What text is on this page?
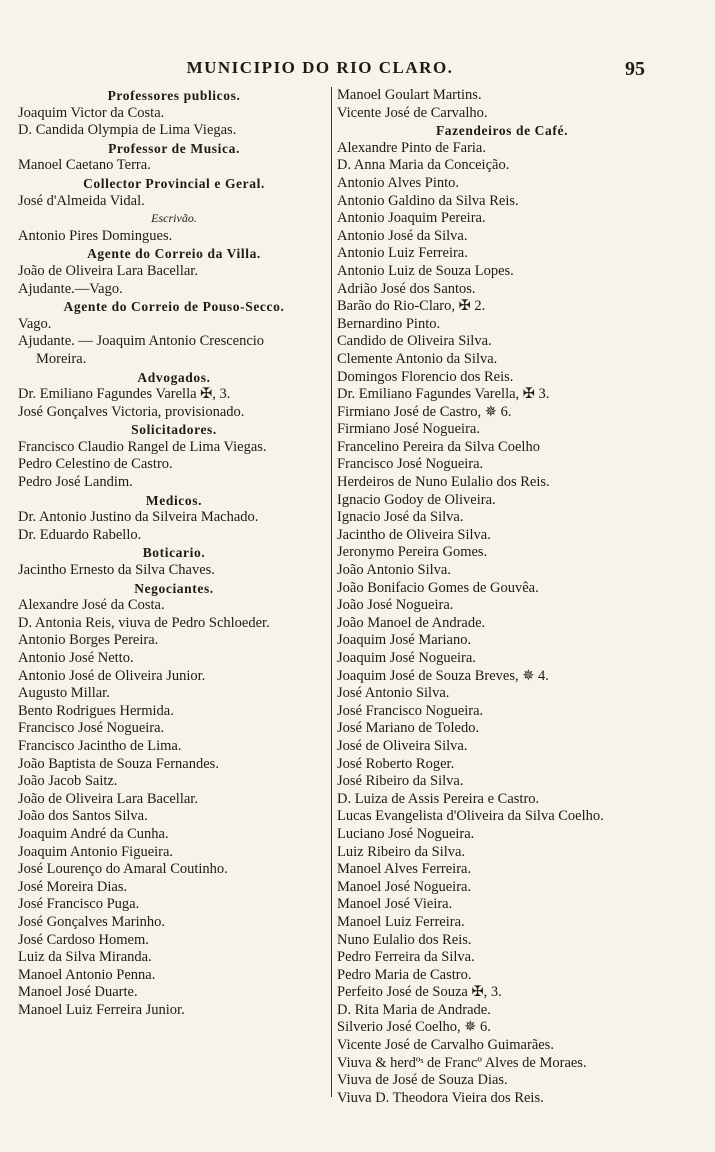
MUNICIPIO DO RIO CLARO.	95
Professores publicos.
Joaquim Victor da Costa.
D. Candida Olympia de Lima Viegas.
Professor de Musica.
Manoel Caetano Terra.
Collector Provincial e Geral.
José d'Almeida Vidal.
Escrivão.
Antonio Pires Domingues.
Agente do Correio da Villa.
João de Oliveira Lara Bacellar.
Ajudante.—Vago.
Agente do Correio de Pouso-Secco.
Vago.
Ajudante. — Joaquim Antonio Crescencio
Moreira.
Advogados.
Dr. Emiliano Fagundes Varella ✠, 3.
José Gonçalves Victoria, provisionado.
Solicitadores.
Francisco Claudio Rangel de Lima Viegas.
Pedro Celestino de Castro.
Pedro José Landim.
Medicos.
Dr. Antonio Justino da Silveira Machado.
Dr. Eduardo Rabello.
Boticario.
Jacintho Ernesto da Silva Chaves.
Negociantes.
Alexandre José da Costa.
D. Antonia Reis, viuva de Pedro Schloeder.
Antonio Borges Pereira.
Antonio José Netto.
Antonio José de Oliveira Junior.
Augusto Millar.
Bento Rodrigues Hermida.
Francisco José Nogueira.
Francisco Jacintho de Lima.
João Baptista de Souza Fernandes.
João Jacob Saitz.
João de Oliveira Lara Bacellar.
João dos Santos Silva.
Joaquim André da Cunha.
Joaquim Antonio Figueira.
José Lourenço do Amaral Coutinho.
José Moreira Dias.
José Francisco Puga.
José Gonçalves Marinho.
José Cardoso Homem.
Luiz da Silva Miranda.
Manoel Antonio Penna.
Manoel José Duarte.
Manoel Luiz Ferreira Junior.
Manoel Goulart Martins.
Vicente José de Carvalho.
Fazendeiros de Café.
Alexandre Pinto de Faria.
D. Anna Maria da Conceição.
Antonio Alves Pinto.
Antonio Galdino da Silva Reis.
Antonio Joaquim Pereira.
Antonio José da Silva.
Antonio Luiz Ferreira.
Antonio Luiz de Souza Lopes.
Adrião José dos Santos.
Barão do Rio-Claro, ✠ 2.
Bernardino Pinto.
Candido de Oliveira Silva.
Clemente Antonio da Silva.
Domingos Florencio dos Reis.
Dr. Emiliano Fagundes Varella, ✠ 3.
Firmiano José de Castro, ✵ 6.
Firmiano José Nogueira.
Francelino Pereira da Silva Coelho
Francisco José Nogueira.
Herdeiros de Nuno Eulalio dos Reis.
Ignacio Godoy de Oliveira.
Ignacio José da Silva.
Jacintho de Oliveira Silva.
Jeronymo Pereira Gomes.
João Antonio Silva.
João Bonifacio Gomes de Gouvêa.
João José Nogueira.
João Manoel de Andrade.
Joaquim José Mariano.
Joaquim José Nogueira.
Joaquim José de Souza Breves, ✵ 4.
José Antonio Silva.
José Francisco Nogueira.
José Mariano de Toledo.
José de Oliveira Silva.
José Roberto Roger.
José Ribeiro da Silva.
D. Luiza de Assis Pereira e Castro.
Lucas Evangelista d'Oliveira da Silva Coelho.
Luciano José Nogueira.
Luiz Ribeiro da Silva.
Manoel Alves Ferreira.
Manoel José Nogueira.
Manoel José Vieira.
Manoel Luiz Ferreira.
Nuno Eulalio dos Reis.
Pedro Ferreira da Silva.
Pedro Maria de Castro.
Perfeito José de Souza ✠, 3.
D. Rita Maria de Andrade.
Silverio José Coelho, ✵ 6.
Vicente José de Carvalho Guimarães.
Viuva & herdºˢ de Francº Alves de Moraes.
Viuva de José de Souza Dias.
Viuva D. Theodora Vieira dos Reis.
